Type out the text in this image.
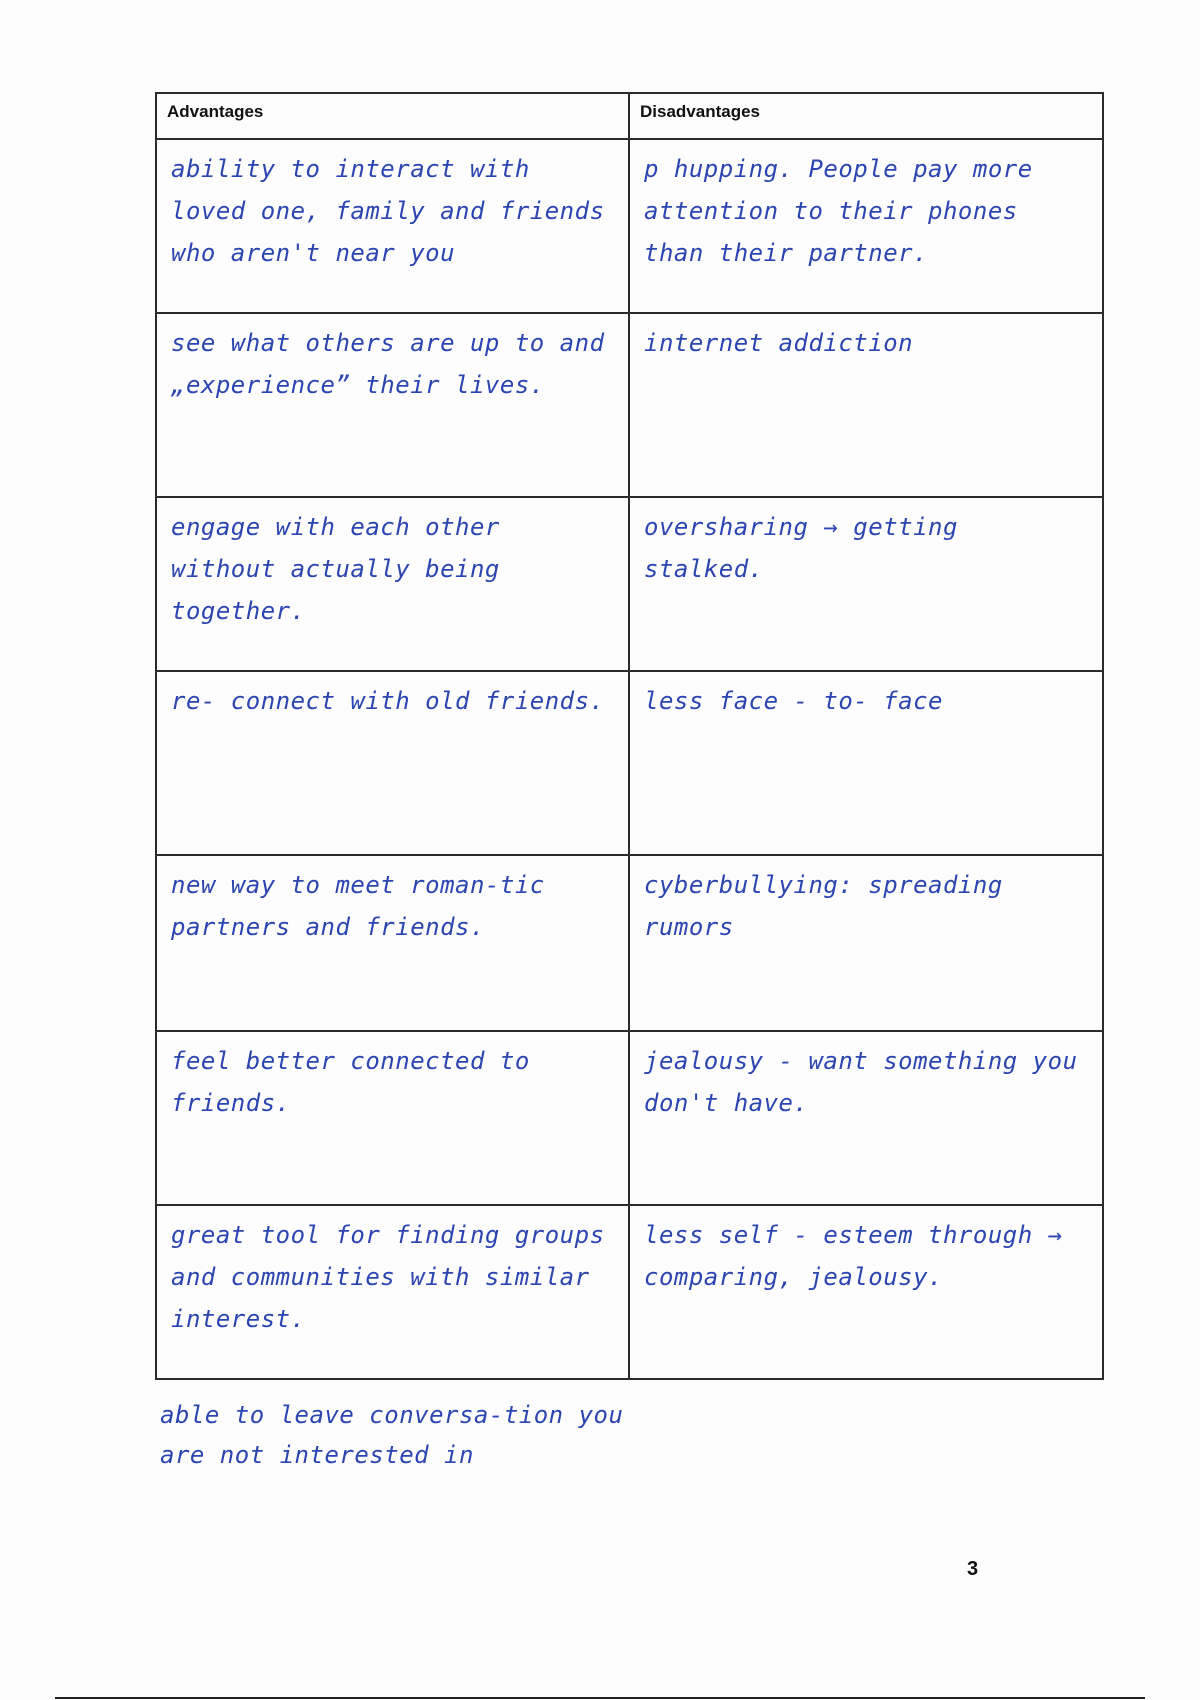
Advantages	Disadvantages

ability to interact with loved one, family and friends who aren't near you	p hupping. People pay more attention to their phones than their partner.

see what others are up to and „experience” their lives.	internet addiction

engage with each other without actually being together.	oversharing → getting stalked.

re- connect with old friends.	less face - to- face

new way to meet roman-tic partners and friends.	cyberbullying: spreading rumors

feel better connected to friends.	jealousy - want something you don't have.

great tool for finding groups and communities with similar interest.	less self - esteem through → comparing, jealousy.
able to leave conversa-tion you are not interested in
3
